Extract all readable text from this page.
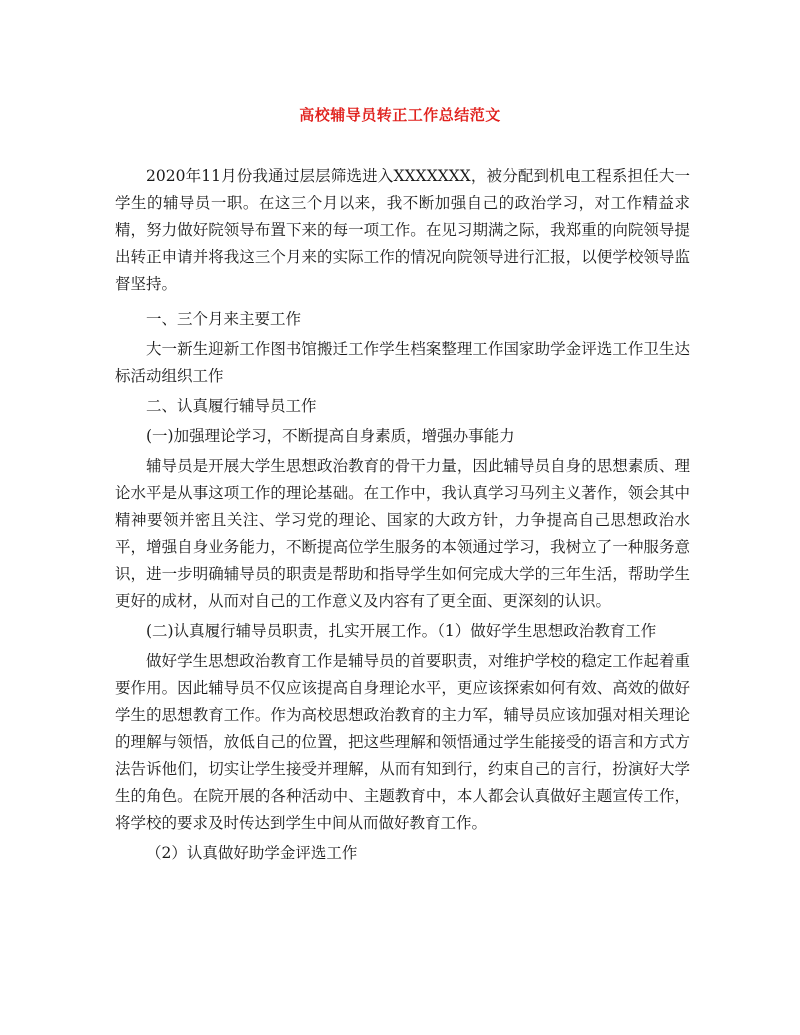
高校辅导员转正工作总结范文

2020年11月份我通过层层筛选进入XXXXXXX，被分配到机电工程系担任大一学生的辅导员一职。在这三个月以来，我不断加强自己的政治学习，对工作精益求精，努力做好院领导布置下来的每一项工作。在见习期满之际，我郑重的向院领导提出转正申请并将我这三个月来的实际工作的情况向院领导进行汇报，以便学校领导监督坚持。

一、三个月来主要工作

大一新生迎新工作图书馆搬迁工作学生档案整理工作国家助学金评选工作卫生达标活动组织工作

二、认真履行辅导员工作

(一)加强理论学习，不断提高自身素质，增强办事能力

辅导员是开展大学生思想政治教育的骨干力量，因此辅导员自身的思想素质、理论水平是从事这项工作的理论基础。在工作中，我认真学习马列主义著作，领会其中精神要领并密且关注、学习党的理论、国家的大政方针，力争提高自己思想政治水平，增强自身业务能力，不断提高位学生服务的本领通过学习，我树立了一种服务意识，进一步明确辅导员的职责是帮助和指导学生如何完成大学的三年生活，帮助学生更好的成材，从而对自己的工作意义及内容有了更全面、更深刻的认识。

(二)认真履行辅导员职责，扎实开展工作。（1）做好学生思想政治教育工作

做好学生思想政治教育工作是辅导员的首要职责，对维护学校的稳定工作起着重要作用。因此辅导员不仅应该提高自身理论水平，更应该探索如何有效、高效的做好学生的思想教育工作。作为高校思想政治教育的主力军，辅导员应该加强对相关理论的理解与领悟，放低自己的位置，把这些理解和领悟通过学生能接受的语言和方式方法告诉他们，切实让学生接受并理解，从而有知到行，约束自己的言行，扮演好大学生的角色。在院开展的各种活动中、主题教育中，本人都会认真做好主题宣传工作，将学校的要求及时传达到学生中间从而做好教育工作。

（2）认真做好助学金评选工作
